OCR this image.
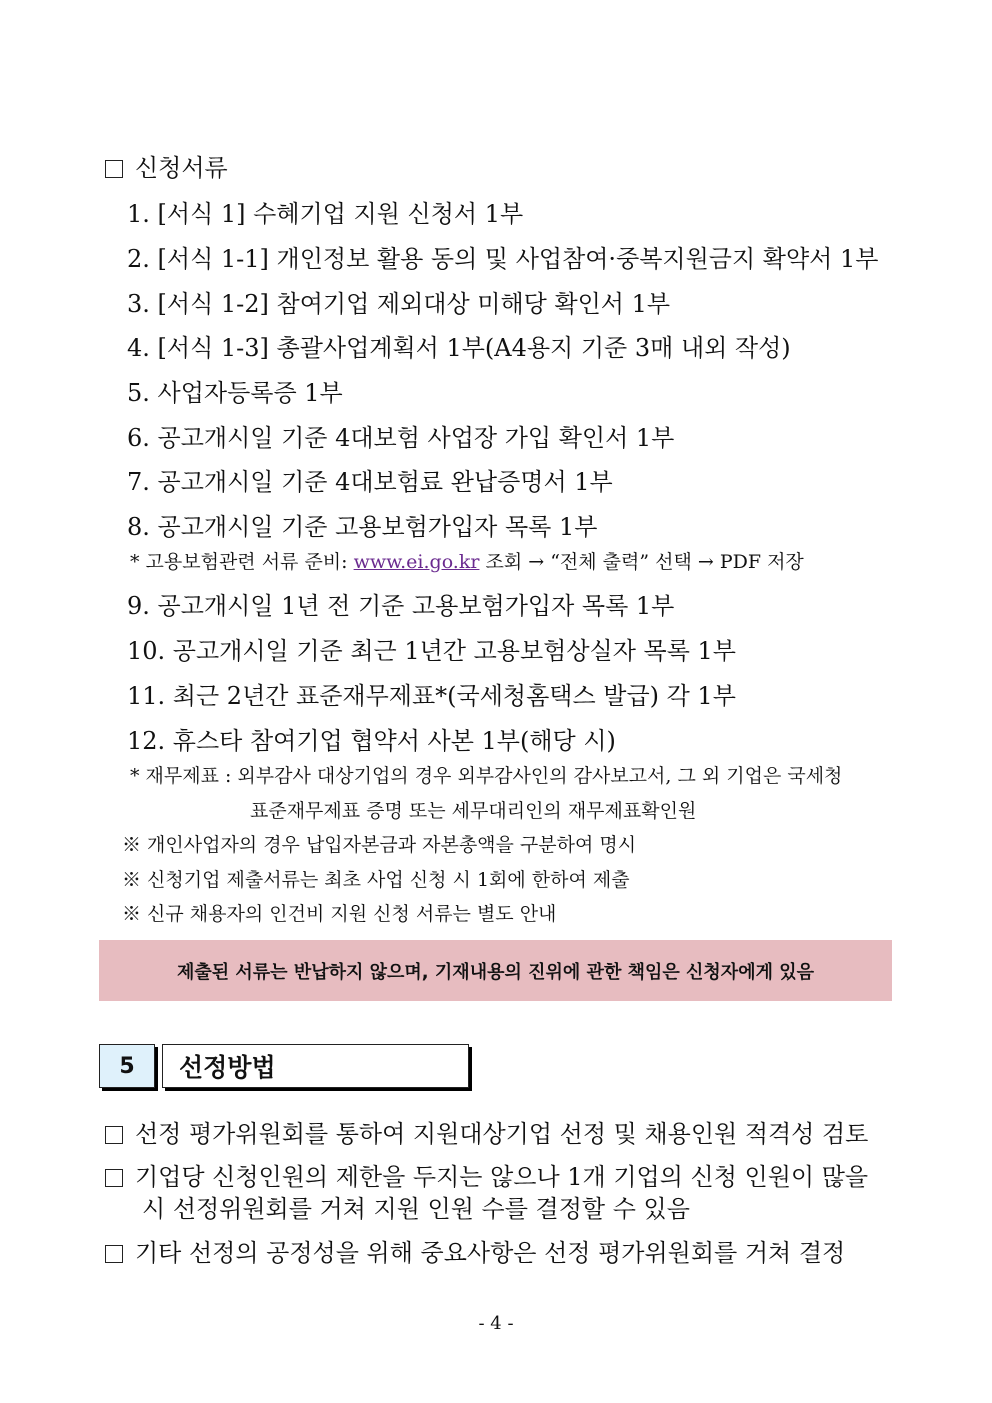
신청서류
1. [서식 1] 수혜기업 지원 신청서 1부
2. [서식 1-1] 개인정보 활용 동의 및 사업참여·중복지원금지 확약서 1부
3. [서식 1-2] 참여기업 제외대상 미해당 확인서 1부
4. [서식 1-3] 총괄사업계획서 1부(A4용지 기준 3매 내외 작성)
5. 사업자등록증 1부
6. 공고개시일 기준 4대보험 사업장 가입 확인서 1부
7. 공고개시일 기준 4대보험료 완납증명서 1부
8. 공고개시일 기준 고용보험가입자 목록 1부
* 고용보험관련 서류 준비: www.ei.go.kr 조회 → “전체 출력” 선택 → PDF 저장
9. 공고개시일 1년 전 기준 고용보험가입자 목록 1부
10. 공고개시일 기준 최근 1년간 고용보험상실자 목록 1부
11. 최근 2년간 표준재무제표*(국세청홈택스 발급) 각 1부
12. 휴스타 참여기업 협약서 사본 1부(해당 시)
* 재무제표 : 외부감사 대상기업의 경우 외부감사인의 감사보고서, 그 외 기업은 국세청
표준재무제표 증명 또는 세무대리인의 재무제표확인원
※ 개인사업자의 경우 납입자본금과 자본총액을 구분하여 명시
※ 신청기업 제출서류는 최초 사업 신청 시 1회에 한하여 제출
※ 신규 채용자의 인건비 지원 신청 서류는 별도 안내
제출된 서류는 반납하지 않으며, 기재내용의 진위에 관한 책임은 신청자에게 있음
5	선정방법
선정 평가위원회를 통하여 지원대상기업 선정 및 채용인원 적격성 검토
기업당 신청인원의 제한을 두지는 않으나 1개 기업의 신청 인원이 많을
시 선정위원회를 거쳐 지원 인원 수를 결정할 수 있음
기타 선정의 공정성을 위해 중요사항은 선정 평가위원회를 거쳐 결정
- 4 -
